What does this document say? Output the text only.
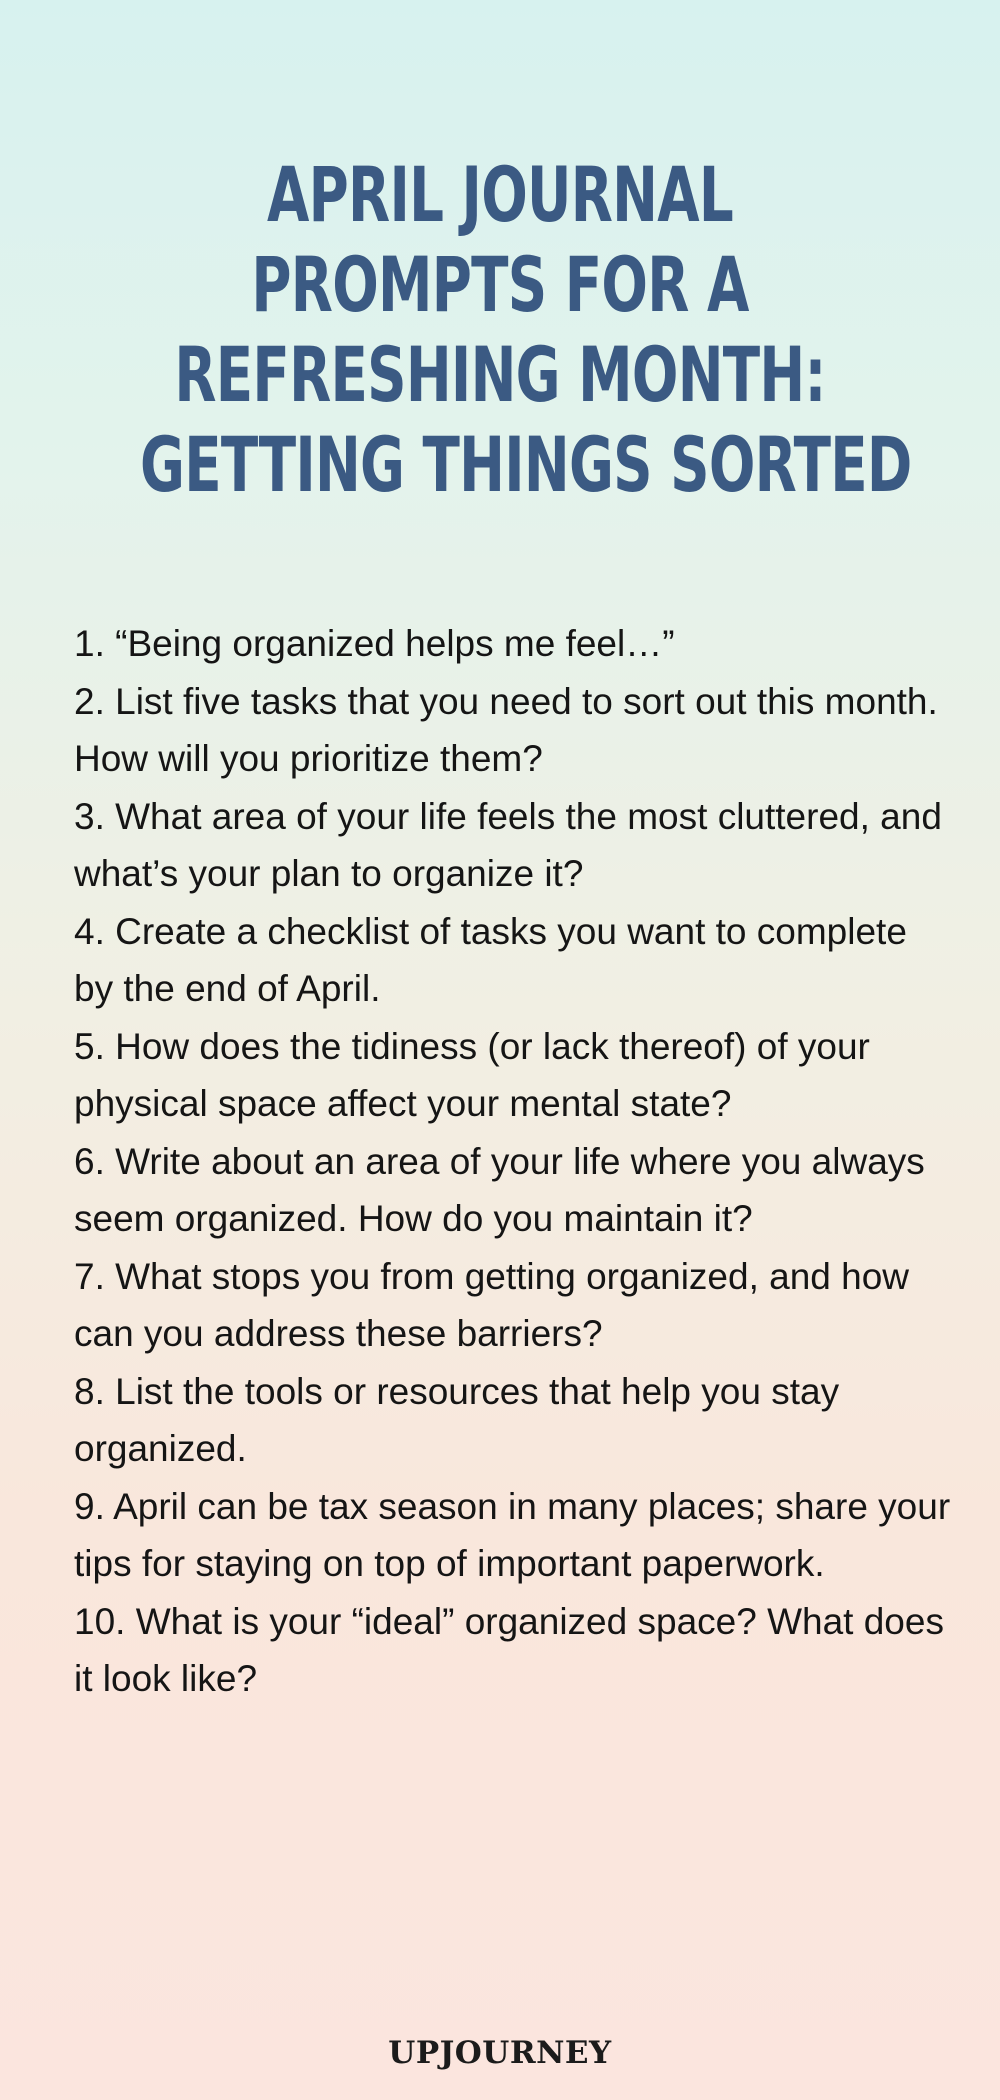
APRIL JOURNAL
PROMPTS FOR A
REFRESHING MONTH:
GETTING THINGS SORTED
1. “Being organized helps me feel…”
2. List five tasks that you need to sort out this month. How will you prioritize them?
3. What area of your life feels the most cluttered, and what’s your plan to organize it?
4. Create a checklist of tasks you want to complete by the end of April.
5. How does the tidiness (or lack thereof) of your physical space affect your mental state?
6. Write about an area of your life where you always seem organized. How do you maintain it?
7. What stops you from getting organized, and how can you address these barriers?
8. List the tools or resources that help you stay organized.
9. April can be tax season in many places; share your tips for staying on top of important paperwork.
10. What is your “ideal” organized space? What does it look like?
UPJOURNEY
